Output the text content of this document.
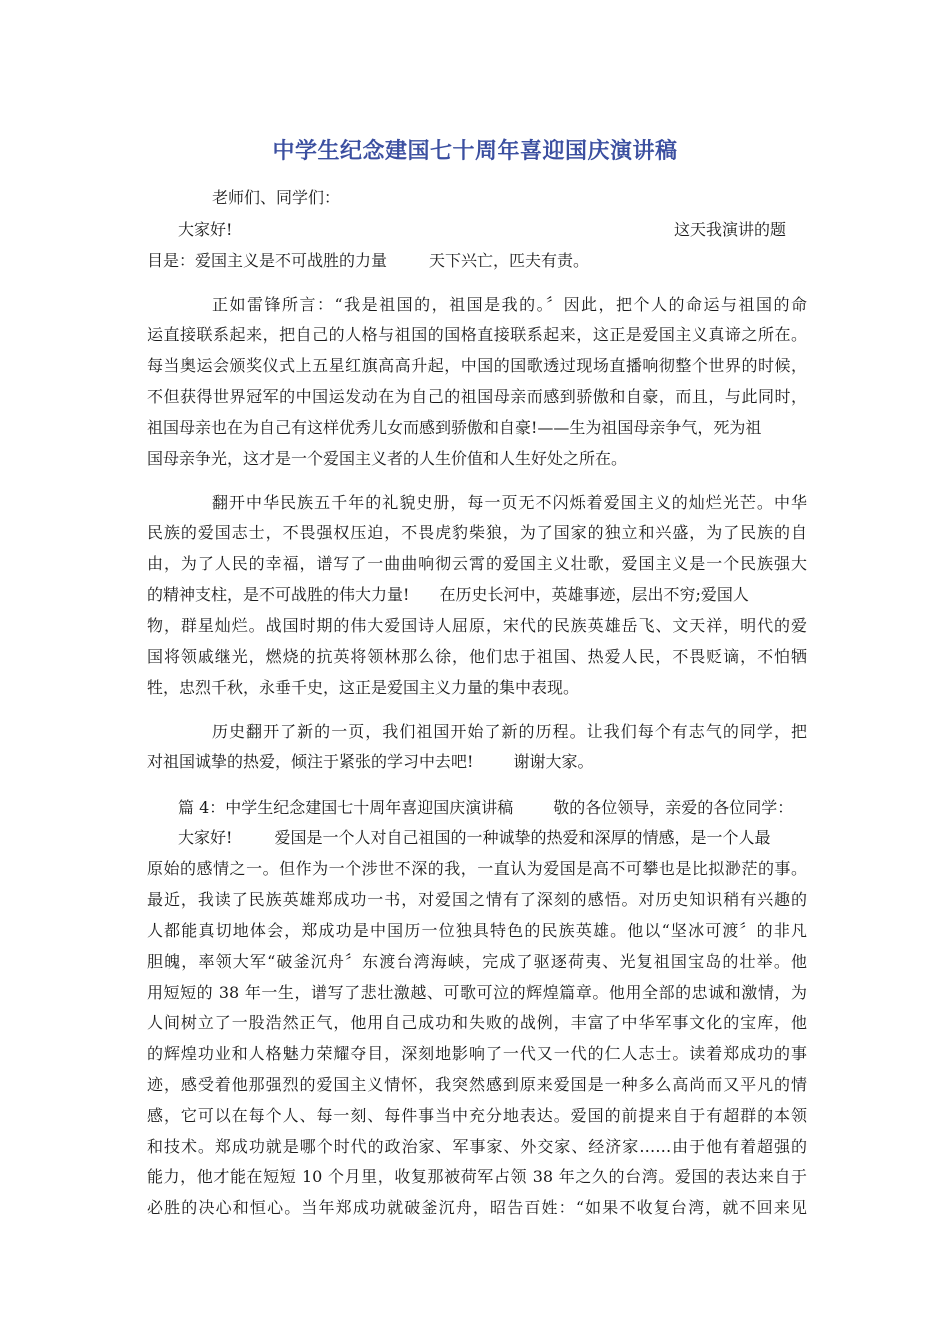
中学生纪念建国七十周年喜迎国庆演讲稿
老师们、同学们：
大家好!	这天我演讲的题
目是：爱国主义是不可战胜的力量	天下兴亡，匹夫有责。
正如雷锋所言：“我是祖国的，祖国是我的。〞因此，把个人的命运与祖国的命
运直接联系起来，把自己的人格与祖国的国格直接联系起来，这正是爱国主义真谛之所在。
每当奥运会颁奖仪式上五星红旗高高升起，中国的国歌透过现场直播响彻整个世界的时候，
不但获得世界冠军的中国运发动在为自己的祖国母亲而感到骄傲和自豪，而且，与此同时，
祖国母亲也在为自己有这样优秀儿女而感到骄傲和自豪!——生为祖国母亲争气，死为祖
国母亲争光，这才是一个爱国主义者的人生价值和人生好处之所在。
翻开中华民族五千年的礼貌史册，每一页无不闪烁着爱国主义的灿烂光芒。中华
民族的爱国志士，不畏强权压迫，不畏虎豹柴狼，为了国家的独立和兴盛，为了民族的自
由，为了人民的幸福，谱写了一曲曲响彻云霄的爱国主义壮歌，爱国主义是一个民族强大
的精神支柱，是不可战胜的伟大力量! 在历史长河中，英雄事迹，层出不穷;爱国人
物，群星灿烂。战国时期的伟大爱国诗人屈原，宋代的民族英雄岳飞、文天祥，明代的爱
国将领戚继光，燃烧的抗英将领林那么徐，他们忠于祖国、热爱人民，不畏贬谪，不怕牺
牲，忠烈千秋，永垂千史，这正是爱国主义力量的集中表现。
历史翻开了新的一页，我们祖国开始了新的历程。让我们每个有志气的同学，把
对祖国诚挚的热爱，倾注于紧张的学习中去吧!	谢谢大家。
篇 4：中学生纪念建国七十周年喜迎国庆演讲稿	敬的各位领导，亲爱的各位同学：
大家好!	爱国是一个人对自己祖国的一种诚挚的热爱和深厚的情感，是一个人最
原始的感情之一。但作为一个涉世不深的我，一直认为爱国是高不可攀也是比拟渺茫的事。
最近，我读了民族英雄郑成功一书，对爱国之情有了深刻的感悟。对历史知识稍有兴趣的
人都能真切地体会，郑成功是中国历一位独具特色的民族英雄。他以“坚冰可渡〞的非凡
胆魄，率领大军“破釜沉舟〞东渡台湾海峡，完成了驱逐荷夷、光复祖国宝岛的壮举。他
用短短的 38 年一生，谱写了悲壮激越、可歌可泣的辉煌篇章。他用全部的忠诚和激情，为
人间树立了一股浩然正气，他用自己成功和失败的战例，丰富了中华军事文化的宝库，他
的辉煌功业和人格魅力荣耀夺目，深刻地影响了一代又一代的仁人志士。读着郑成功的事
迹，感受着他那强烈的爱国主义情怀，我突然感到原来爱国是一种多么高尚而又平凡的情
感，它可以在每个人、每一刻、每件事当中充分地表达。爱国的前提来自于有超群的本领
和技术。郑成功就是哪个时代的政治家、军事家、外交家、经济家……由于他有着超强的
能力，他才能在短短 10 个月里，收复那被荷军占领 38 年之久的台湾。爱国的表达来自于
必胜的决心和恒心。当年郑成功就破釜沉舟，昭告百姓：“如果不收复台湾，就不回来见
